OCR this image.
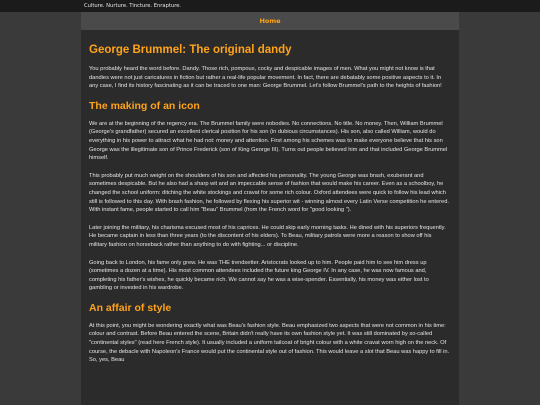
Culture. Nurture. Tincture. Enrapture.
Home
George Brummel: The original dandy

You probably heard the word before. Dandy. Those rich, pompous, cocky and despicable images of men. What you might not know is that dandies were not just caricatures in fiction but rather a real-life popular movement. In fact, there are debatably some positive aspects to it. In any case, I find its history fascinating as it can be traced to one man: George Brummel. Let's follow Brummel's path to the heights of fashion!

The making of an icon

We are at the beginning of the regency era. The Brummel family were nobodies. No connections. No title. No money. Then, William Brummel (George's grandfather) secured an excellent clerical position for his son (in dubious circumstances). His son, also called William, would do everything in his power to attract what he had not: money and attention. First among his schemes was to make everyone believe that his son George was the illegitimate son of Prince Frederick (son of King George III). Turns out people believed him and that included George Brummel himself.

This probably put much weight on the shoulders of his son and affected his personality. The young George was brash, exuberant and sometimes despicable. But he also had a sharp wit and an impeccable sense of fashion that would make his career. Even as a schoolboy, he changed the school uniform: ditching the white stockings and cravat for some rich colour. Oxford attendees were quick to follow his lead which still is followed to this day. With brash fashion, he followed by flexing his superior wit - winning almost every Latin Verse competition he entered. With instant fame, people started to call him "Beau" Brummel (from the French word for "good looking ").

Later joining the military, his charisma excused most of his caprices. He could skip early morning tasks. He dined with his superiors frequently. He became captain in less than three years (to the discontent of his elders). To Beau, military patrols were more a reason to show off his military fashion on horseback rather than anything to do with fighting... or discipline.

Going back to London, his fame only grew. He was THE trendsetter. Aristocrats looked up to him. People paid him to see him dress up (sometimes a dozen at a time). His most common attendees included the future king George IV. In any case, he was now famous and, completing his father's wishes, he quickly became rich. We cannot say he was a wise-spender. Essentially, his money was either lost to gambling or invested in his wardrobe.

An affair of style

At this point, you might be wondering exactly what was Beau's fashion style. Beau emphasized two aspects that were not common in his time: colour and contrast. Before Beau entered the scene, Britain didn't really have its own fashion style yet. It was still dominated by so-called "continental styles" (read here French style). It usually included a uniform tailcoat of bright colour with a white cravat worn high on the neck. Of course, the debacle with Napoleon's France would put the continental style out of fashion. This would leave a slot that Beau was happy to fill in. So, yes, Beau
